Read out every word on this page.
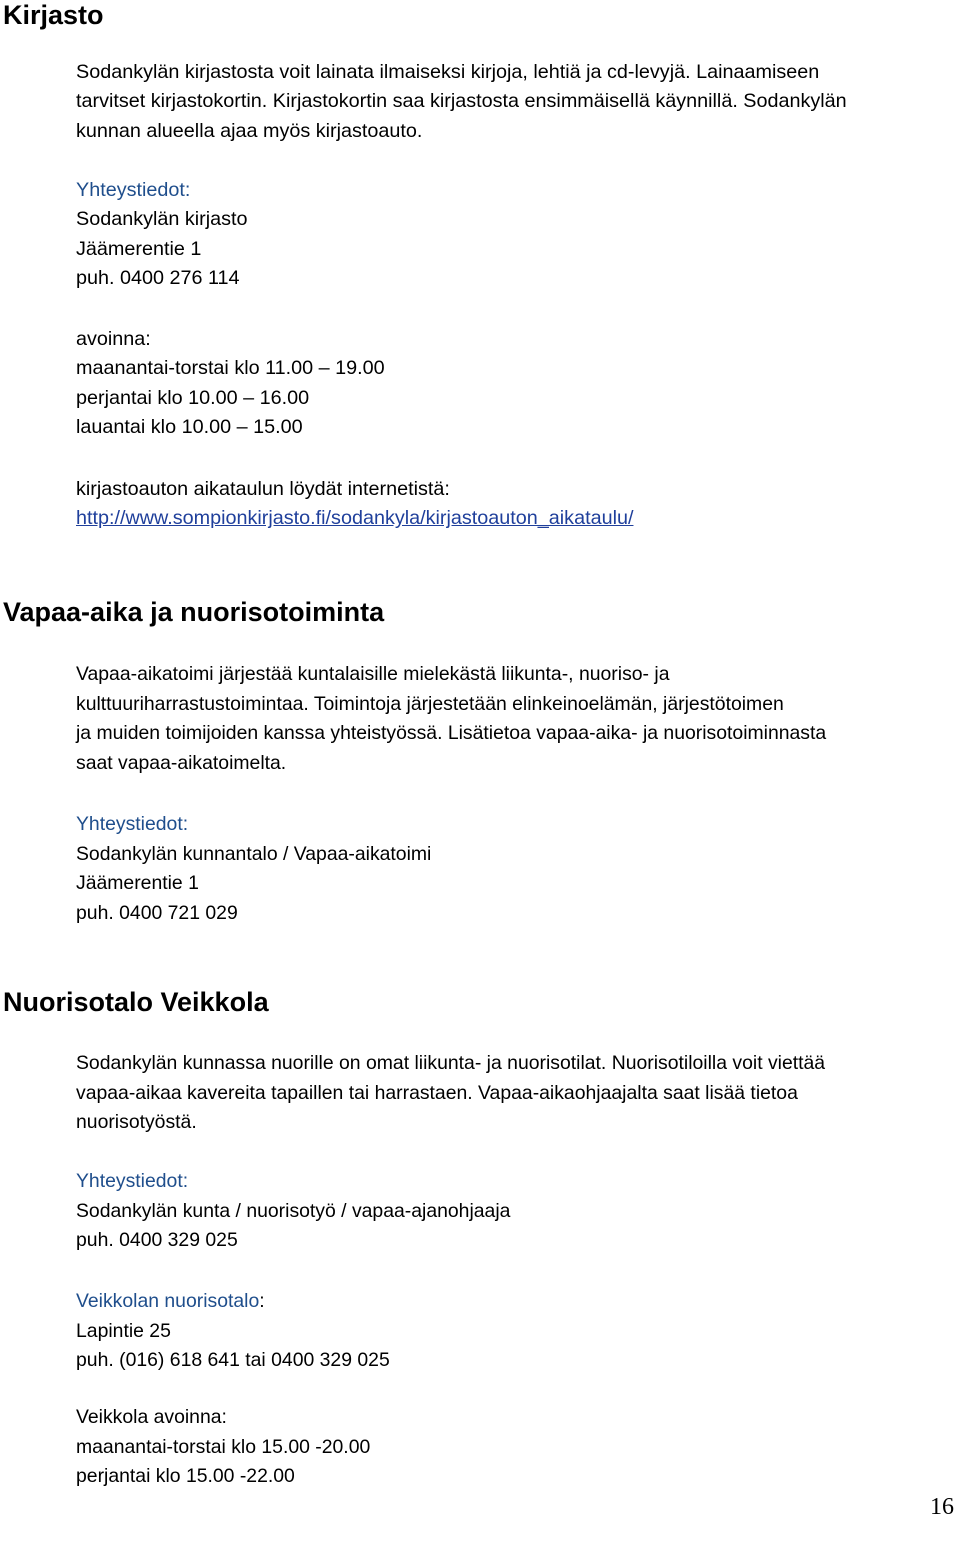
Kirjasto
Sodankylän kirjastosta voit lainata ilmaiseksi kirjoja, lehtiä ja cd-levyjä. Lainaamiseen
tarvitset kirjastokortin. Kirjastokortin saa kirjastosta ensimmäisellä käynnillä. Sodankylän
kunnan alueella ajaa myös kirjastoauto.
Yhteystiedot:
Sodankylän kirjasto
Jäämerentie 1
puh. 0400 276 114
avoinna:
maanantai-torstai klo 11.00 – 19.00
perjantai klo 10.00 – 16.00
lauantai klo 10.00 – 15.00
kirjastoauton aikataulun löydät internetistä:
http://www.sompionkirjasto.fi/sodankyla/kirjastoauton_aikataulu/
Vapaa-aika ja nuorisotoiminta
Vapaa-aikatoimi järjestää kuntalaisille mielekästä liikunta-, nuoriso- ja
kulttuuriharrastustoimintaa. Toimintoja järjestetään elinkeinoelämän, järjestötoimen
ja muiden toimijoiden kanssa yhteistyössä. Lisätietoa vapaa-aika- ja nuorisotoiminnasta
saat vapaa-aikatoimelta.
Yhteystiedot:
Sodankylän kunnantalo / Vapaa-aikatoimi
Jäämerentie 1
puh. 0400 721 029
Nuorisotalo Veikkola
Sodankylän kunnassa nuorille on omat liikunta- ja nuorisotilat. Nuorisotiloilla voit viettää
vapaa-aikaa kavereita tapaillen tai harrastaen. Vapaa-aikaohjaajalta saat lisää tietoa
nuorisotyöstä.
Yhteystiedot:
Sodankylän kunta / nuorisotyö / vapaa-ajanohjaaja
puh. 0400 329 025
Veikkolan nuorisotalo:
Lapintie 25
puh. (016) 618 641 tai 0400 329 025
Veikkola avoinna:
maanantai-torstai klo 15.00 -20.00
perjantai klo 15.00 -22.00
16
